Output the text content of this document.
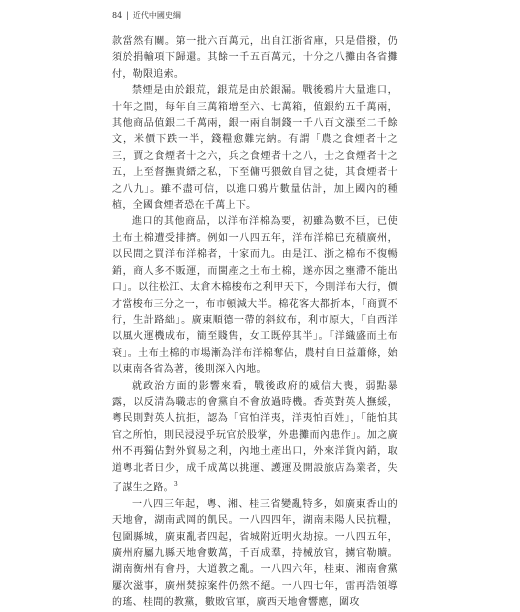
84 | 近代中國史綱

款當然有關。第一批六百萬元，出自江浙省庫，只是借撥，仍須於捐輸項下歸還。其餘一千五百萬元，十分之八攤由各省攤付，勒限追索。

禁煙是由於銀荒，銀荒是由於銀漏。戰後鴉片大量進口，十年之間，每年自三萬箱增至六、七萬箱，值銀約五千萬兩，其他商品值銀二千萬兩，銀一兩自制錢一千八百文漲至二千餘文，米價下跌一半，錢糧愈難完納。有謂「農之食煙者十之三，賈之食煙者十之六，兵之食煙者十之八，士之食煙者十之五，上至督撫貴縉之私，下至傭丐猥斂自冒之徒，其食煙者十之八九」。雖不盡可信，以進口鴉片數量估計，加上國內的種植，全國食煙者恐在千萬上下。

進口的其他商品，以洋布洋棉為要，初雖為數不巨，已使土布土棉遭受排擠。例如一八四五年，洋布洋棉已充積廣州，以民間之買洋布洋棉者，十家而九。由是江、浙之棉布不復暢銷，商人多不販運，而閩產之土布土棉，遂亦因之壅滯不能出口」。以往松江、太倉木棉梭布之利甲天下，今則洋布大行，價才當梭布三分之一，布市頓減大半。棉花客大都折本，「商賈不行，生計路絀」。廣東順德一帶的斜紋布，利市原大，「自西洋以風火運機成布，簡至賤售，女工既停其半」。「洋織盛而土布衰」。土布土棉的市場漸為洋布洋棉奪佔，農村自日益蕭條，始以東南各省為著，後則深入內地。

就政治方面的影響來看，戰後政府的威信大喪，弱點暴露，以反清為職志的會黨自不會放過時機。香英對英人撫綏，粵民則對英人抗拒，認為「官怕洋夷，洋夷怕百姓」，「能怕其官之所怕，則民浸浸乎玩官於股掌，外患攤而內患作」。加之廣州不再獨佔對外貿易之利，內地土產出口，外來洋貨內銷，取道粵北者日少，成千成萬以挑運、護運及開設旅店為業者，失了謀生之路。$^3$

一八四三年起，粵、湘、桂三省變亂特多，如廣東香山的天地會，湖南武岡的飢民。一八四四年，湖南耒陽人民抗糧，包圍縣城，廣東亂者四起，省城附近明火劫掠。一八四五年，廣州府屬九縣天地會數萬，千百成羣，持械放官，擄官勒贖。湖南衡州有會丹，大道教之亂。一八四六年，桂東、湘南會黨屢次滋事，廣州焚掠案件仍然不絕。一八四七年，雷再浩領導的瑤、桂間的教黨，數敗官軍，廣西天地會響應，圍攻
